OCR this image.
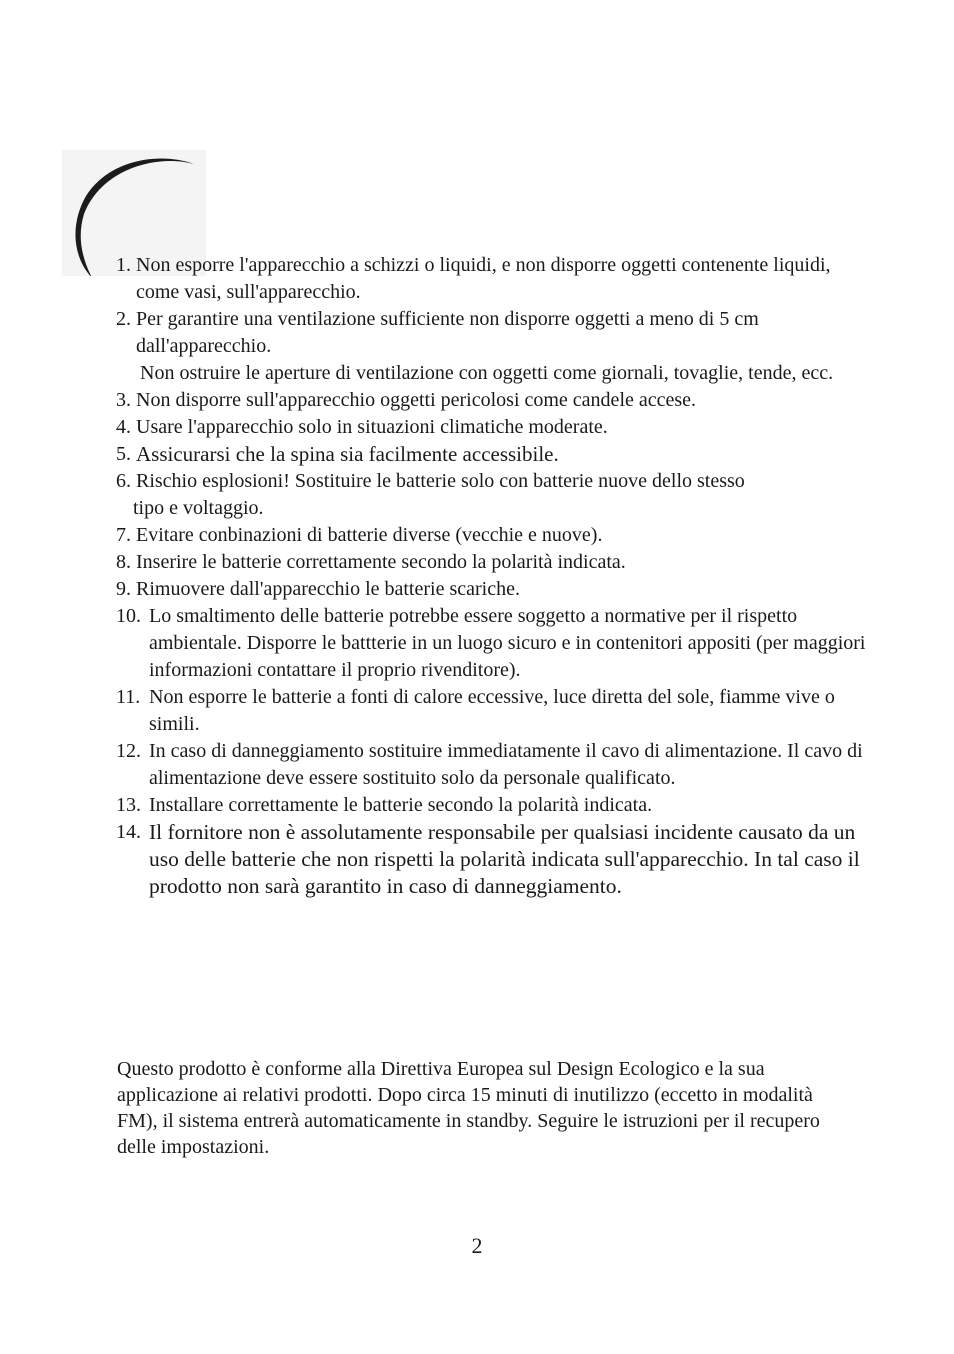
1. Non esporre l'apparecchio a schizzi o liquidi, e non disporre oggetti contenente liquidi, come vasi, sull'apparecchio.
2. Per garantire una ventilazione sufficiente non disporre oggetti a meno di 5 cm dall'apparecchio.
Non ostruire le aperture di ventilazione con oggetti come giornali, tovaglie, tende, ecc.
3. Non disporre sull'apparecchio oggetti pericolosi come candele accese.
4. Usare l'apparecchio solo in situazioni climatiche moderate.
5. Assicurarsi che la spina sia facilmente accessibile.
6. Rischio esplosioni! Sostituire le batterie solo con batterie nuove dello stesso
tipo e voltaggio.
7. Evitare conbinazioni di batterie diverse (vecchie e nuove).
8. Inserire le batterie correttamente secondo la polarità indicata.
9. Rimuovere dall'apparecchio le batterie scariche.
10. Lo smaltimento delle batterie potrebbe essere soggetto a normative per il rispetto ambientale. Disporre le battterie in un luogo sicuro e in contenitori appositi (per maggiori informazioni contattare il proprio rivenditore).
11. Non esporre le batterie a fonti di calore eccessive, luce diretta del sole, fiamme vive o simili.
12. In caso di danneggiamento sostituire immediatamente il cavo di alimentazione. Il cavo di alimentazione deve essere sostituito solo da personale qualificato.
13. Installare correttamente le batterie secondo la polarità indicata.
14. Il fornitore non è assolutamente responsabile per qualsiasi incidente causato da un uso delle batterie che non rispetti la polarità indicata sull'apparecchio. In tal caso il prodotto non sarà garantito in caso di danneggiamento.

Questo prodotto è conforme alla Direttiva Europea sul Design Ecologico e la sua applicazione ai relativi prodotti. Dopo circa 15 minuti di inutilizzo (eccetto in modalità FM), il sistema entrerà automaticamente in standby. Seguire le istruzioni per il recupero delle impostazioni.

2
